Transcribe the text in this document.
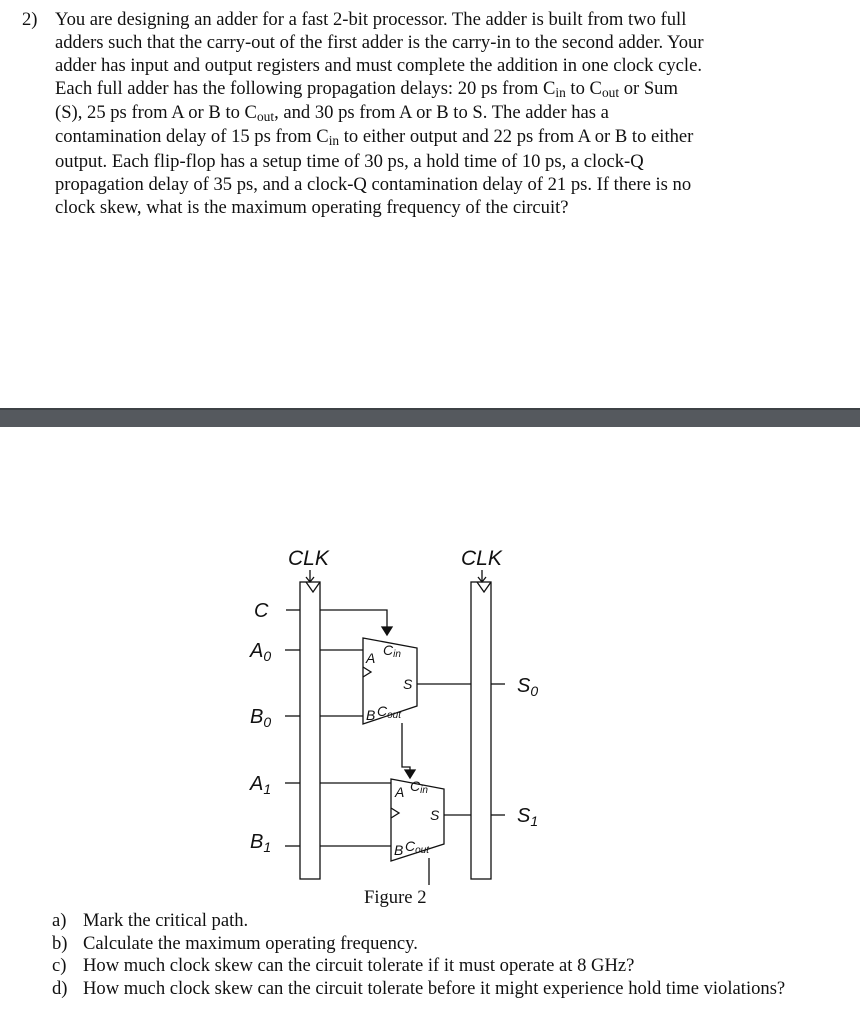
2) You are designing an adder for a fast 2-bit processor. The adder is built from two full
adders such that the carry-out of the first adder is the carry-in to the second adder. Your
adder has input and output registers and must complete the addition in one clock cycle.
Each full adder has the following propagation delays: 20 ps from $C_{in}$ to $C_{out}$ or Sum
(S), 25 ps from A or B to $C_{out}$, and 30 ps from A or B to S. The adder has a
contamination delay of 15 ps from $C_{in}$ to either output and 22 ps from A or B to either
output. Each flip-flop has a setup time of 30 ps, a hold time of 10 ps, a clock-Q
propagation delay of 35 ps, and a clock-Q contamination delay of 21 ps. If there is no
clock skew, what is the maximum operating frequency of the circuit?
CLK	CLK
C
$A_0$
$B_0$
$A_1$
$B_1$
A Cin
S
B Cout
$S_0$
A Cin
S
B Cout
$S_1$
Figure 2
a) Mark the critical path.
b) Calculate the maximum operating frequency.
c) How much clock skew can the circuit tolerate if it must operate at 8 GHz?
d) How much clock skew can the circuit tolerate before it might experience hold time violations?
